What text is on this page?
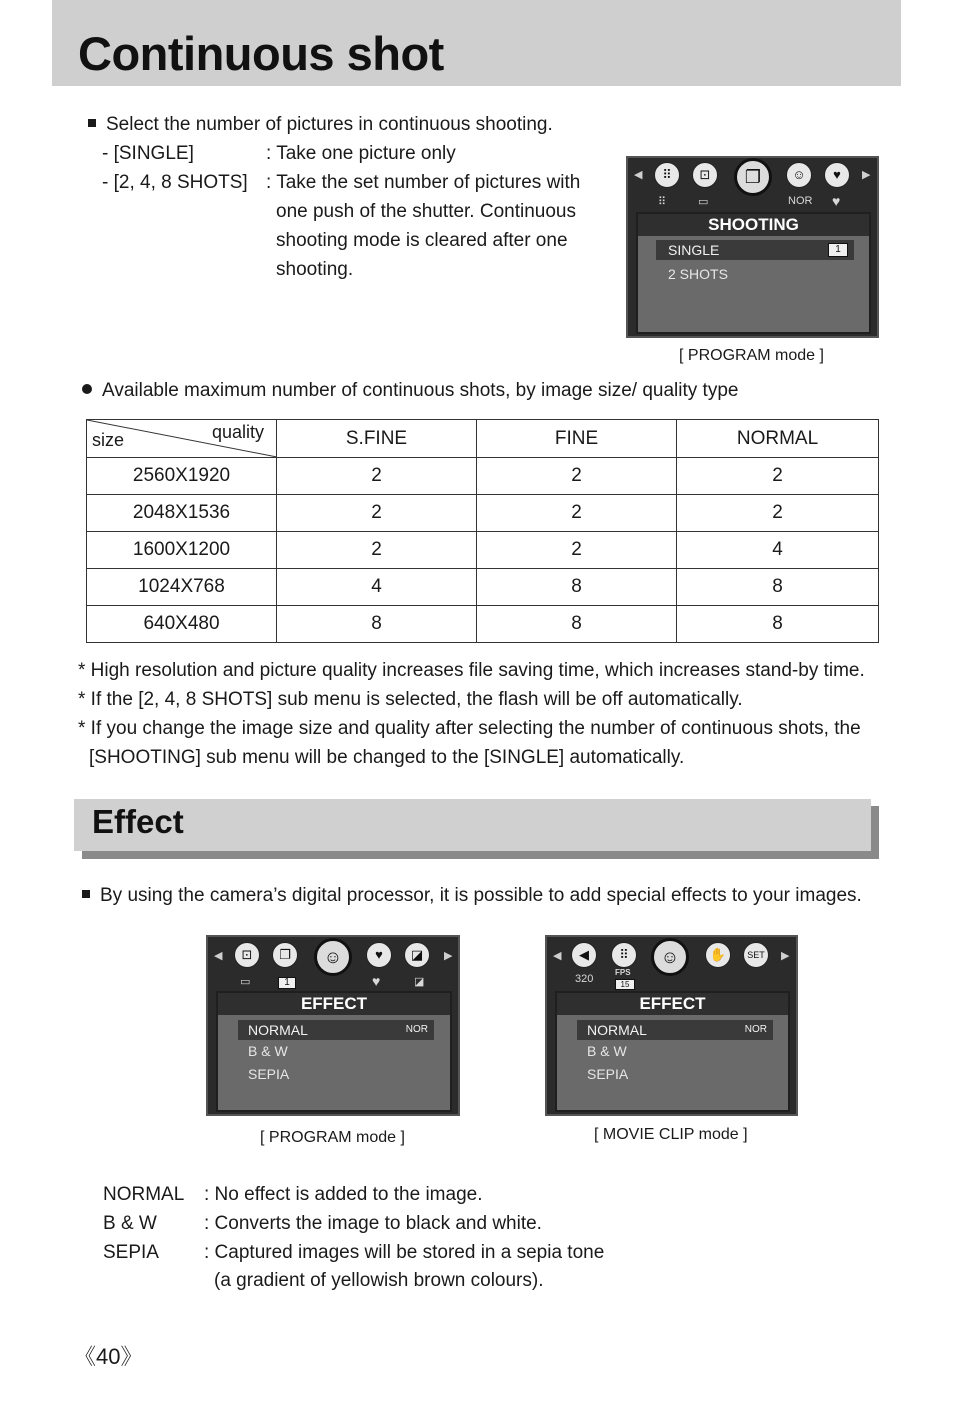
Continuous shot
Select the number of pictures in continuous shooting.
- [SINGLE]	: Take one picture only
- [2, 4, 8 SHOTS] : Take the set number of pictures with
one push of the shutter. Continuous
shooting mode is cleared after one
shooting.
◀	⠿	⊡	❐	☺	♥	▶
⠿	▭	NOR ♥
SHOOTING
SINGLE	1
2 SHOTS
[ PROGRAM mode ]
Available maximum number of continuous shots, by image size/ quality type
size quality	S.FINE	FINE	NORMAL
2560X1920	2	2	2
2048X1536	2	2	2
1600X1200	2	2	4
1024X768	4	8	8
640X480	8	8	8
* High resolution and picture quality increases file saving time, which increases stand-by time.
* If the [2, 4, 8 SHOTS] sub menu is selected, the flash will be off automatically.
* If you change the image size and quality after selecting the number of continuous shots, the
[SHOOTING] sub menu will be changed to the [SINGLE] automatically.
Effect
By using the camera’s digital processor, it is possible to add special effects to your images.
◀	⊡	❐	☺	♥	◪	▶
▭	1	♥	◪
EFFECT
NORMAL	NOR
B & W
SEPIA
[ PROGRAM mode ]
◀	◀	⠿	☺	✋	SET	▶
320
FPS
15
EFFECT
NORMAL	NOR
B & W
SEPIA
[ MOVIE CLIP mode ]
NORMAL : No effect is added to the image.
B & W : Converts the image to black and white.
SEPIA : Captured images will be stored in a sepia tone
(a gradient of yellowish brown colours).
《40》
